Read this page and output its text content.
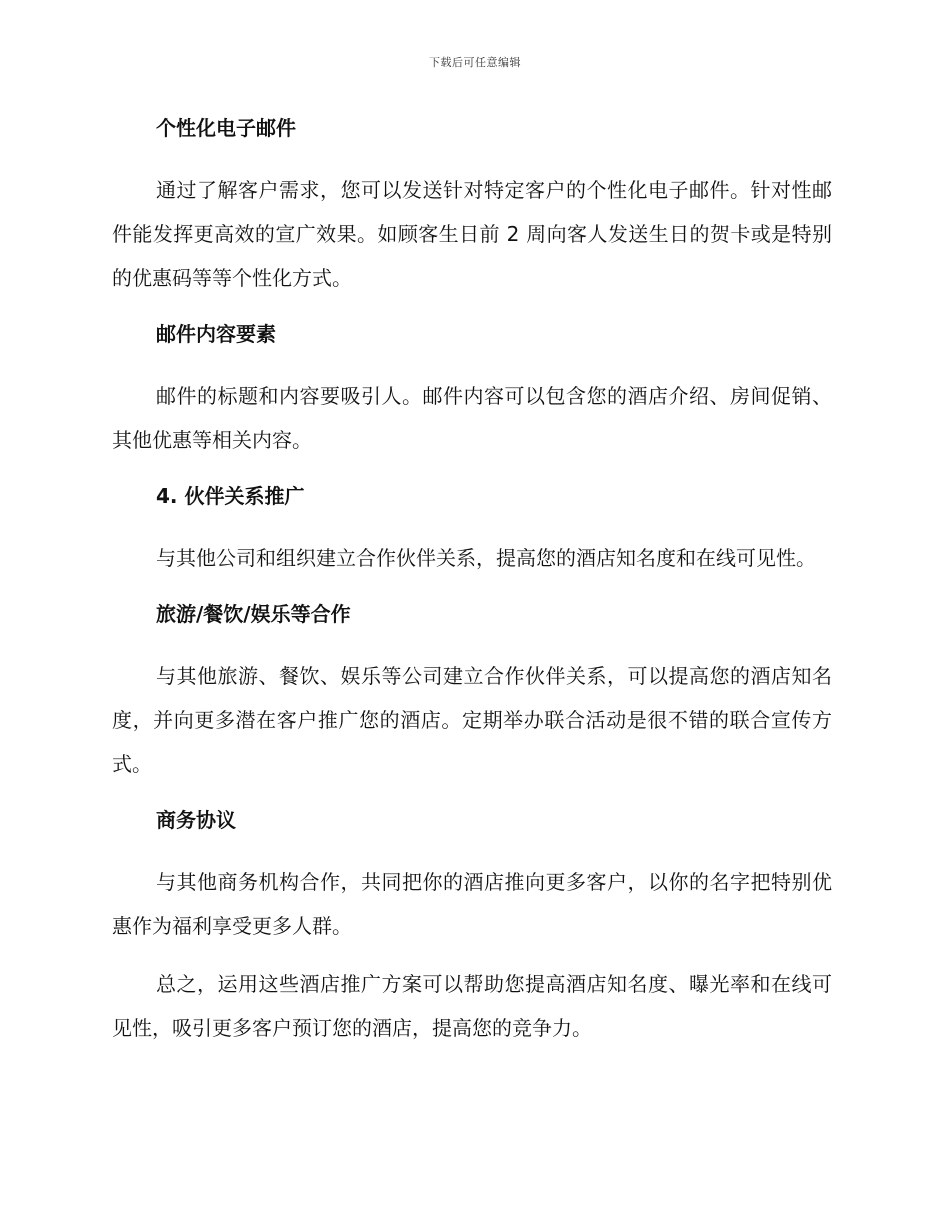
下载后可任意编辑
个性化电子邮件

通过了解客户需求，您可以发送针对特定客户的个性化电子邮件。针对性邮件能发挥更高效的宣广效果。如顾客生日前 2 周向客人发送生日的贺卡或是特别的优惠码等等个性化方式。

邮件内容要素

邮件的标题和内容要吸引人。邮件内容可以包含您的酒店介绍、房间促销、其他优惠等相关内容。

4. 伙伴关系推广

与其他公司和组织建立合作伙伴关系，提高您的酒店知名度和在线可见性。

旅游/餐饮/娱乐等合作

与其他旅游、餐饮、娱乐等公司建立合作伙伴关系，可以提高您的酒店知名度，并向更多潜在客户推广您的酒店。定期举办联合活动是很不错的联合宣传方式。

商务协议

与其他商务机构合作，共同把你的酒店推向更多客户，以你的名字把特别优惠作为福利享受更多人群。

总之，运用这些酒店推广方案可以帮助您提高酒店知名度、曝光率和在线可见性，吸引更多客户预订您的酒店，提高您的竞争力。
